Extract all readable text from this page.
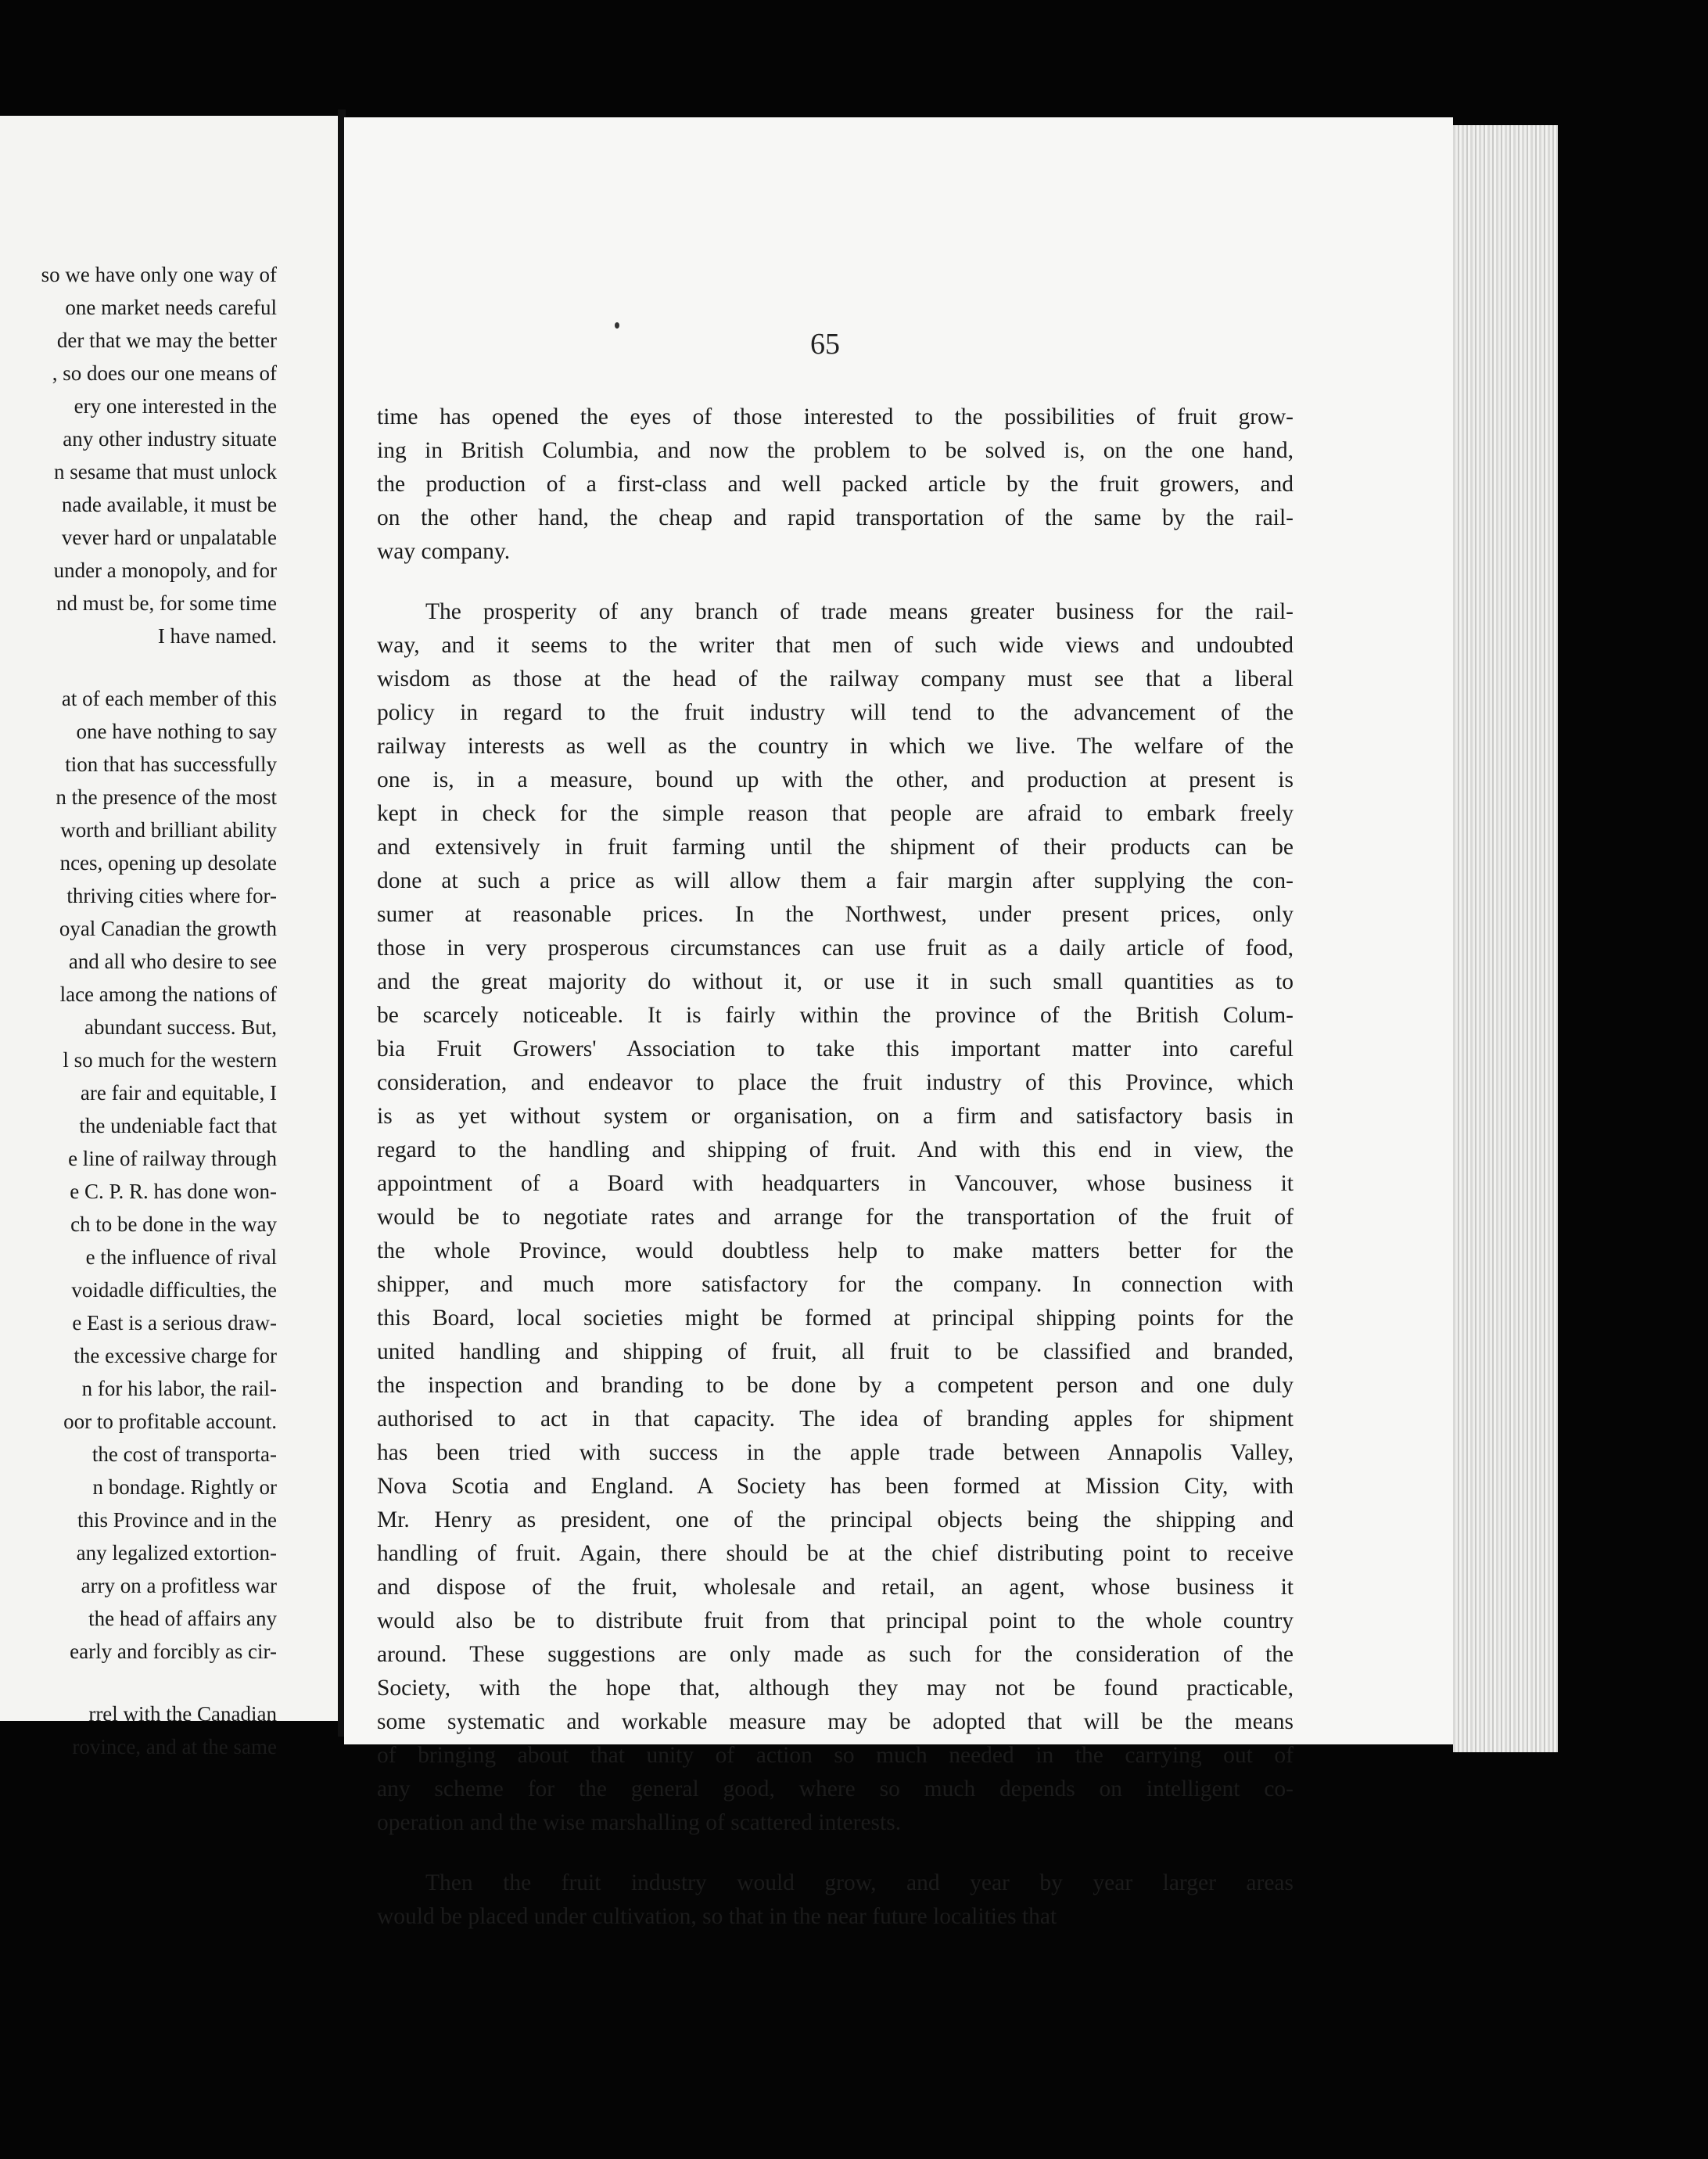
so we have only one way of
one market needs careful
der that we may the better
, so does our one means of
ery one interested in the
any other industry situate
n sesame that must unlock
nade available, it must be
vever hard or unpalatable
under a monopoly, and for
nd must be, for some time
I have named.
at of each member of this
one have nothing to say
tion that has successfully
n the presence of the most
worth and brilliant ability
nces, opening up desolate
thriving cities where for-
oyal Canadian the growth
and all who desire to see
lace among the nations of
abundant success. But,
l so much for the western
are fair and equitable, I
the undeniable fact that
e line of railway through
e C. P. R. has done won-
ch to be done in the way
e the influence of rival
voidadle difficulties, the
e East is a serious draw-
the excessive charge for
n for his labor, the rail-
oor to profitable account.
the cost of transporta-
n bondage. Rightly or
this Province and in the
any legalized extortion-
arry on a profitless war
the head of affairs any
early and forcibly as cir-
rrel with the Canadian
rovince, and at the same
65

time has opened the eyes of those interested to the possibilities of fruit grow-
ing in British Columbia, and now the problem to be solved is, on the one hand,
the production of a first-class and well packed article by the fruit growers, and
on the other hand, the cheap and rapid transportation of the same by the rail-
way company.

The prosperity of any branch of trade means greater business for the rail-
way, and it seems to the writer that men of such wide views and undoubted
wisdom as those at the head of the railway company must see that a liberal
policy in regard to the fruit industry will tend to the advancement of the
railway interests as well as the country in which we live. The welfare of the
one is, in a measure, bound up with the other, and production at present is
kept in check for the simple reason that people are afraid to embark freely
and extensively in fruit farming until the shipment of their products can be
done at such a price as will allow them a fair margin after supplying the con-
sumer at reasonable prices. In the Northwest, under present prices, only
those in very prosperous circumstances can use fruit as a daily article of food,
and the great majority do without it, or use it in such small quantities as to
be scarcely noticeable. It is fairly within the province of the British Colum-
bia Fruit Growers' Association to take this important matter into careful
consideration, and endeavor to place the fruit industry of this Province, which
is as yet without system or organisation, on a firm and satisfactory basis in
regard to the handling and shipping of fruit. And with this end in view, the
appointment of a Board with headquarters in Vancouver, whose business it
would be to negotiate rates and arrange for the transportation of the fruit of
the whole Province, would doubtless help to make matters better for the
shipper, and much more satisfactory for the company. In connection with
this Board, local societies might be formed at principal shipping points for the
united handling and shipping of fruit, all fruit to be classified and branded,
the inspection and branding to be done by a competent person and one duly
authorised to act in that capacity. The idea of branding apples for shipment
has been tried with success in the apple trade between Annapolis Valley,
Nova Scotia and England. A Society has been formed at Mission City, with
Mr. Henry as president, one of the principal objects being the shipping and
handling of fruit. Again, there should be at the chief distributing point to receive
and dispose of the fruit, wholesale and retail, an agent, whose business it
would also be to distribute fruit from that principal point to the whole country
around. These suggestions are only made as such for the consideration of the
Society, with the hope that, although they may not be found practicable,
some systematic and workable measure may be adopted that will be the means
of bringing about that unity of action so much needed in the carrying out of
any scheme for the general good, where so much depends on intelligent co-
operation and the wise marshalling of scattered interests.

Then the fruit industry would grow, and year by year larger areas
would be placed under cultivation, so that in the near future localities that
